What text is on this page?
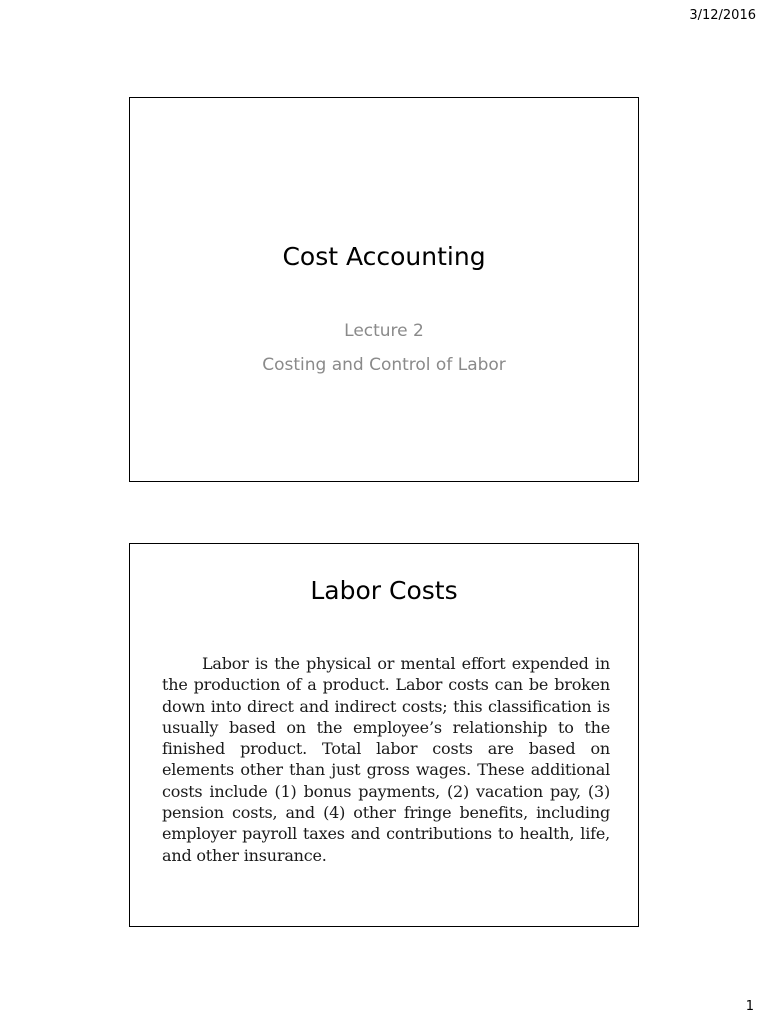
3/12/2016
Cost Accounting
Lecture 2
Costing and Control of Labor
Labor Costs
Labor is the physical or mental effort expended in the production of a product. Labor costs can be broken down into direct and indirect costs; this classification is usually based on the employee’s relationship to the finished product. Total labor costs are based on elements other than just gross wages. These additional costs include (1) bonus payments, (2) vacation pay, (3) pension costs, and (4) other fringe benefits, including employer payroll taxes and contributions to health, life, and other insurance.
1
